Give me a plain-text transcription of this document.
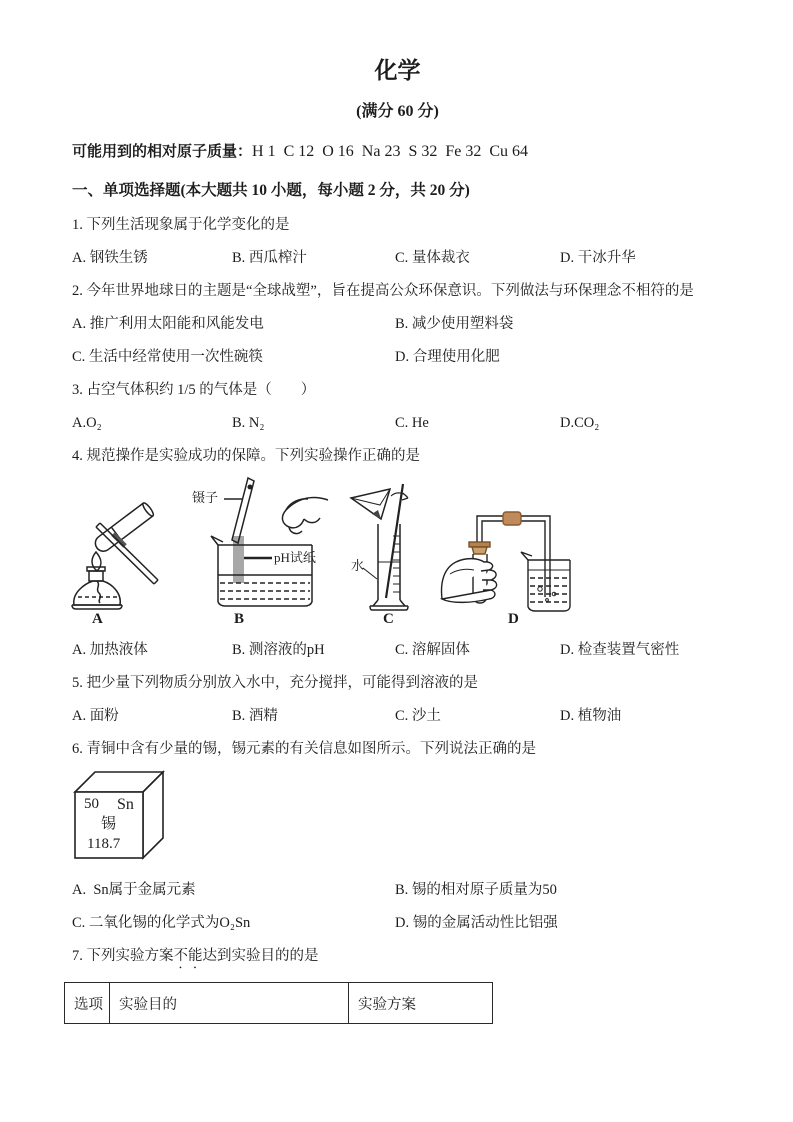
化学
(满分 60 分)
可能用到的相对原子质量：H 1  C 12  O 16  Na 23  S 32  Fe 32  Cu 64
一、单项选择题(本大题共 10 小题，每小题 2 分，共 20 分)
1. 下列生活现象属于化学变化的是
A. 钢铁生锈	B. 西瓜榨汁	C. 量体裁衣	D. 干冰升华
2. 今年世界地球日的主题是“全球战塑”，旨在提高公众环保意识。下列做法与环保理念不相符的是
A. 推广利用太阳能和风能发电	B. 减少使用塑料袋
C. 生活中经常使用一次性碗筷	D. 合理使用化肥
3. 占空气体积约 1/5 的气体是（　　）
A.O₂	B. N₂	C. He	D.CO₂
4. 规范操作是实验成功的保障。下列实验操作正确的是
A
镊子
pH试纸
B
水
C	D
A. 加热液体	B. 测溶液的pH	C. 溶解固体	D. 检查装置气密性
5. 把少量下列物质分别放入水中，充分搅拌，可能得到溶液的是
A. 面粉	B. 酒精	C. 沙土	D. 植物油
6. 青铜中含有少量的锡，锡元素的有关信息如图所示。下列说法正确的是
50 Sn
锡
118.7
A.  Sn属于金属元素	B. 锡的相对原子质量为50
C. 二氧化锡的化学式为O₂Sn	D. 锡的金属活动性比铝强
7. 下列实验方案不能达到实验目的的是
选项	实验目的	实验方案
